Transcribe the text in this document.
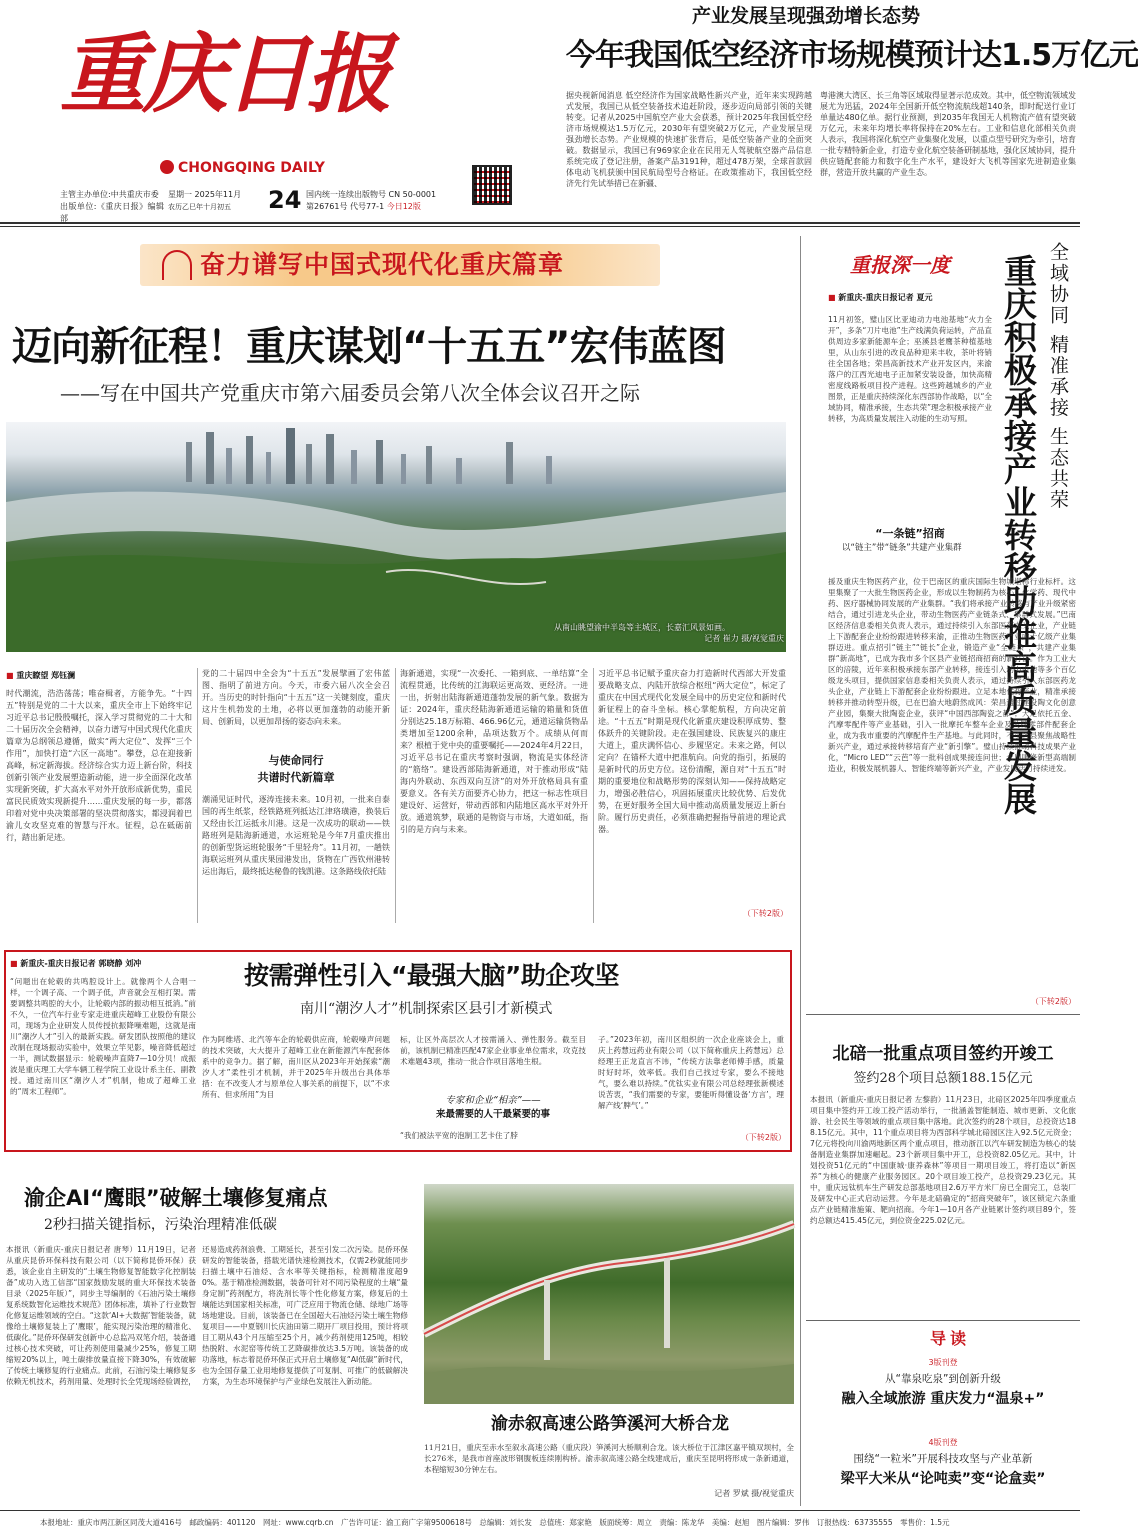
重庆日报
CHONGQING DAILY
主管主办单位:中共重庆市委
出版单位:《重庆日报》编辑部
星期一 2025年11月
农历乙巳年十月初五	24 国内统一连续出版物号 CN 50-0001
第26761号 代号77-1 今日12版
产业发展呈现强劲增长态势
今年我国低空经济市场规模预计达1.5万亿元
据央视新闻消息 低空经济作为国家战略性新兴产业，近年来实现跨越式发展，我国已从低空装备技术追赶阶段，逐步迈向局部引领的关键转变。记者从2025中国航空产业大会获悉，预计2025年我国低空经济市场规模达1.5万亿元，2030年有望突破2万亿元，产业发展呈现强劲增长态势。产业规模的快速扩张背后，是低空装备产业的全面突破。数据显示，我国已有969家企业在民用无人驾驶航空器产品信息系统完成了登记注册，备案产品3191种，超过478万架，全球首款固体电动飞机获颁中国民航局型号合格证。在政策推动下，我国低空经济先行先试举措已在新疆、
粤港澳大湾区、长三角等区域取得显著示范成效。其中，低空物流领域发展尤为迅猛，2024年全国新开低空物流航线超140条，即时配送行业订单量达480亿单。据行业预测，到2035年我国无人机物流产值有望突破万亿元，未来年均增长率将保持在20%左右。工业和信息化部相关负责人表示，我国将深化航空产业集聚化发展，以重点型号研究为牵引，培育一批专精特新企业，打造专业化航空装备研制基地，强化区域协同，提升供应链配套能力和数字化生产水平，建设好大飞机等国家先进制造业集群，营造开放共赢的产业生态。
奋力谱写中国式现代化重庆篇章
迈向新征程！重庆谋划“十五五”宏伟蓝图
——写在中国共产党重庆市第六届委员会第八次全体会议召开之际
从南山眺望渝中半岛等主城区，长嘉汇风景如画。
记者 崔力 摄/视觉重庆
■ 重庆瞭望 郑钰澜
时代潮流，浩浩荡荡；唯奋楫者，方能争先。“十四五”特别是党的二十大以来，重庆全市上下始终牢记习近平总书记殷殷嘱托，深入学习贯彻党的二十大和二十届历次全会精神，以奋力谱写中国式现代化重庆篇章为总纲领总遵循，做实“两大定位”、发挥“三个作用”，加快打造“六区一高地”。攀登，总在迎接新高峰，标定新海拔。经济综合实力迈上新台阶，科技创新引领产业发展塑造新动能，进一步全面深化改革实现新突破，扩大高水平对外开放形成新优势，重民富民民质效实现新提升……重庆发展的每一步，都落印着对党中央决策部署的坚决贯彻落实，都浸润着巴渝儿女攻坚克难的智慧与汗水。征程，总在砥砺前行，踏出新足迹。
党的二十届四中全会为“十五五”发展擘画了宏伟蓝图、指明了前进方向。今天，市委六届八次全会召开。当历史的时针指向“十五五”这一关键刻度，重庆这片生机勃发的土地，必将以更加蓬勃的动能开新局、创新局，以更加昂扬的姿态向未来。
与使命同行
共谱时代新篇章
潮涌见证时代，逐涛连接未来。10月初，一批来自泰国的再生纸浆，经铁路班列抵达江津珞璜港，换装后又经由长江运抵永川港。这是一次成功的联动——铁路班列是陆海新通道，水运班轮是今年7月重庆推出的创新型货运班轮服务“千里轻舟”。11月初，一趟铁海联运班列从重庆果园港发出，货物在广西钦州港转运出海后，最终抵达秘鲁的钱凯港。这条路线依托陆
海新通道，实现“一次委托、一箱到底、一单结算”全流程贯通，比传统的江海联运更高效、更经济。一进一出，折射出陆海新通道蓬勃发展的新气象。数据为证：2024年，重庆经陆海新通道运输的箱量和货值分别达25.18万标箱、466.96亿元，通道运输货物品类增加至1200余种，品项达数万个。成绩从何而来？根植于党中央的重要嘱托——2024年4月22日，习近平总书记在重庆考察时强调，物流是实体经济的“筋络”。建设西部陆海新通道，对于推动形成“陆海内外联动、东西双向互济”的对外开放格局具有重要意义。各有关方面要齐心协力，把这一标志性项目建设好、运营好，带动西部和内陆地区高水平对外开放。通道筑梦，联通的是物资与市场，大道如砥，指引的是方向与未来。
习近平总书记赋予重庆奋力打造新时代西部大开发重要战略支点、内陆开放综合枢纽“两大定位”，标定了重庆在中国式现代化发展全局中的历史定位和新时代新征程上的奋斗坐标。核心掌舵航程，方向决定前途。“十五五”时期是现代化新重庆建设积厚成势、整体跃升的关键阶段。走在强国建设、民族复兴的康庄大道上，重庆满怀信心、步履坚定。未来之路，何以定向？在锚杯大道中把准航向。向党的指引，拓展的是新时代的历史方位。这份清醒，源自对“十五五”时期的重要地位和战略形势的深刻认知——保持战略定力，增强必胜信心，巩固拓展重庆比较优势、后发优势，在更好服务全国大局中推动高质量发展迈上新台阶。履行历史责任，必须准确把握指导前进的理论武器。
（下转2版）
■ 新重庆-重庆日报记者 郭晓静 刘冲	按需弹性引入“最强大脑”助企攻坚
南川“潮汐人才”机制探索区县引才新模式
“问题出在轮毂的共鸣腔设计上。就像两个人合唱一样，一个调子高、一个调子低，声音就会互相打架。需要调整共鸣腔的大小，让轮毂内部的振动相互抵消。”前不久，一位汽车行业专家走进重庆超峰工业股份有限公司，现场为企业研发人员传授抗振降噪难题，这就是南川“潮汐人才”引入的最新实践。研发团队按照他的建议改制在现场振动实验中，效果立竿见影，噪音降低超过一半，测试数据显示：轮毂噪声直降7—10分贝！成振波是重庆理工大学车辆工程学院工业设计系主任、副教授。通过南川区“潮汐人才”机制，他成了超峰工业的“周末工程师”。
作为阿维塔、北汽等车企的轮毂供应商，轮毂噪声问题的技术突破，大大提升了超峰工业在新能源汽车配套体系中的竞争力。据了解，南川区从2023年开始探索“潮汐人才”柔性引才机制，并于2025年升级出台具体举措：在不改变人才与原单位人事关系的前提下，以“不求所有、但求所用”为目
标，让区外高层次人才按需涌入、弹性服务。截至目前，该机制已精准匹配47家企业事业单位需求，攻克技术难题43项，推动一批合作项目落地生根。
专家和企业“相亲”——
来最需要的人干最紧要的事
“我们被法平宽的泡制工艺卡住了脖
子。”2023年初，南川区组织的一次企业座谈会上，重庆上药慧远药业有限公司（以下简称重庆上药慧远）总经理王正龙直言不讳，“传统方法靠老师傅手感，质量时好时坏，效率低。我们自己找过专家，要么不接地气，要么难以持续。”优钛实业有限公司总经理张新模述说苦衷，“我们需要的专家，要能听得懂设备‘方言’，理解产线‘脾气’。”
（下转2版）
渝企AI“鹰眼”破解土壤修复痛点
2秒扫描关键指标，污染治理精准低碳
本报讯（新重庆-重庆日报记者 唐琴）11月19日，记者从重庆昆侨环保科技有限公司（以下简称昆侨环保）获悉，该企业自主研发的“土壤生物修复智能数字化控制装备”成功入选工信部“国家鼓励发展的重大环保技术装备目录（2025年版）”，同步主导编制的《石油污染土壤修复系统数智化运维技术规范》团体标准，填补了行业数智化修复运维领域的空白。“这款‘AI+大数据’智能装备，就像给土壤修复装上了‘鹰眼’，能实现污染治理的精准化、低碳化。”昆侨环保研发创新中心总监冯双笔介绍，装备通过核心技术突破，可让药剂使用量减少25%，修复工期缩短20%以上，吨土碳排放量直接下降30%，有效破解了传统土壤修复的行业痛点。此前，石油污染土壤修复多依赖无机技术，药剂用量、处理时长全凭现场经验调控，
还易造成药剂浪费、工期延长，甚至引发二次污染。昆侨环保研发的智能装备，搭载光谱快速检测技术，仅需2秒就能同步扫描土壤中石油烃、含水率等关键指标，检测精准度超90%。基于精准检测数据，装备可针对不同污染程度的土壤“量身定制”药剂配方，将洗剂长等个性化修复方案，修复后的土壤能达到国家相关标准，可广泛应用于物流仓储、绿地广场等场地建设。目前，该装备已在全国超大石油烃污染土壤生物修复项目——中夏钢川长庆油田第二期开厂项目投用，预计将项目工期从43个月压缩至25个月，减少药剂使用125吨，相较热脱附、水泥窑等传统工艺降碳排放达3.5万吨。该装备的成功落地，标志着昆侨环保正式开启土壤修复“AI低碳”新时代，也为全国存量工业用地修复提供了可复制、可推广的低碳解决方案，为生态环境保护与产业绿色发展注入新动能。
渝赤叙高速公路笋溪河大桥合龙
11月21日，重庆至赤水至叙永高速公路（重庆段）笋溪河大桥顺利合龙。该大桥位于江津区嘉平镇双坝村，全长276米，是我市首座波形钢腹板连续刚构桥。渝赤叙高速公路全线建成后，重庆至昆明将形成一条新通道，本程缩短30分钟左右。
记者 罗斌 摄/视觉重庆
重报深一度
■ 新重庆-重庆日报记者 夏元	全域协同 精准承接 生态共荣
重庆积极承接产业转移助推高质量发展
11月初签，璧山区比亚迪动力电池基地“火力全开”，多条“刀片电池”生产线满负荷运转，产品直供周边多家新能源车企；巫溪县老鹰茶种植基地里，从山东引进的改良品种迎来丰收，茶叶将销往全国各地；荣昌高新技术产业开发区内，来渝落户的江西光迪电子正加紧安装设备，加快高精密度线路板项目投产进程。这些跨越城乡的产业图景，正是重庆持续深化东西部协作战略，以“全域协同，精准承接，生态共荣”理念积极承接产业转移，为高质量发展注入动能的生动写照。
“一条链”招商
以“链主”带“链条”共建产业集群
援及重庆生物医药产业，位于巴南区的重庆国际生物城堪称行业标杆。这里集聚了一大批生物医药企业，形成以生物制药为核心，化学药、现代中药、医疗器械协同发展的产业集群。“我们将承接产业转移与产业升级紧密结合，通过引进龙头企业，带动生物医药产业链条式、集群式发展。”巴南区经济信息委相关负责人表示，通过持续引入东部医药龙头企业，产业链上下游配套企业纷纷跟进转移来渝，正推动生物医药产业向千亿级产业集群迈进。重点招引“链主”“链长”企业，锻造产业“全链条”，共建产业集群“新高地”，已成为我市多个区县产业链招商招商的新打法。作为工业大区的涪陵，近年来积极承接东部产业转移，接连引入动力电池等多个百亿级龙头项目，提供国家信息委相关负责人表示，通过持续引入东部医药龙头企业，产业链上下游配套企业纷纷跟进。立足本地优势产业，精准承接转移并推动转型升级，已在巴渝大地蔚然成风：荣昌通过建设陶文化创意产业园，集聚大批陶瓷企业，获评“中国西部陶瓷之都”；大足依托五金、汽摩零配件等产业基础，引入一批摩托车整车企业及关键零部件配套企业，成为我市重要的汽摩配件生产基地。与此同时，不少区县聚焦战略性新兴产业，通过承接转移培育产业“新引擎”。璧山持续推动科技成果产业化，“Micro LED”“云芭”等一批科创成果接连问世；永川围绕新型高端制造业，积极发展机器人、智能终端等新兴产业，产业发展活力持续迸发。
（下转2版）
北碚一批重点项目签约开竣工
签约28个项目总额188.15亿元
本报讯（新重庆-重庆日报记者 左黎韵）11月23日，北碚区2025年四季度重点项目集中签约开工竣工投产活动举行，一批涵盖智能制造、城市更新、文化旅游、社会民生等领域的重点项目集中落地。此次签约的28个项目，总投资达188.15亿元。其中，11个重点项目将为西部科学城北碚园区注入92.5亿元资金；7亿元将投向川渝两地新区两个重点项目，推动浙江以汽车研发制造为核心的装备制造业集群加速崛起。23个新项目集中开工，总投资82.05亿元。其中，计划投资51亿元的“中国康城·康养森林”等项目一期项目竣工，将打造以“新医养”为核心的健康产业服务园区。20个项目竣工投产，总投资29.23亿元。其中，重庆远钛机车生产研发总部基地项目2.6万平方米厂房已全面完工，总装厂及研发中心正式启动运营。今年是北碚确定的“招商突破年”，该区锁定六条重点产业链精准施策、靶向招商。今年1—10月各产业链累计签约项目89个，签约总额达415.45亿元，到位资金225.02亿元。
导读
3版刊登
从“靠泉吃泉”到创新升级
融入全域旅游 重庆发力“温泉+”
4版刊登
围绕“一粒米”开展科技攻坚与产业革新
梁平大米从“论吨卖”变“论盒卖”
本报地址：重庆市两江新区同茂大道416号　邮政编码：401120　网址：www.cqrb.cn　广告许可证：渝工商广字第9500618号　总编辑：刘长发　总值班：郑家艳　版面统筹：周立　责编：陈龙华　美编：赵旭　图片编辑：罗伟　订报热线：63735555　零售价：1.5元
